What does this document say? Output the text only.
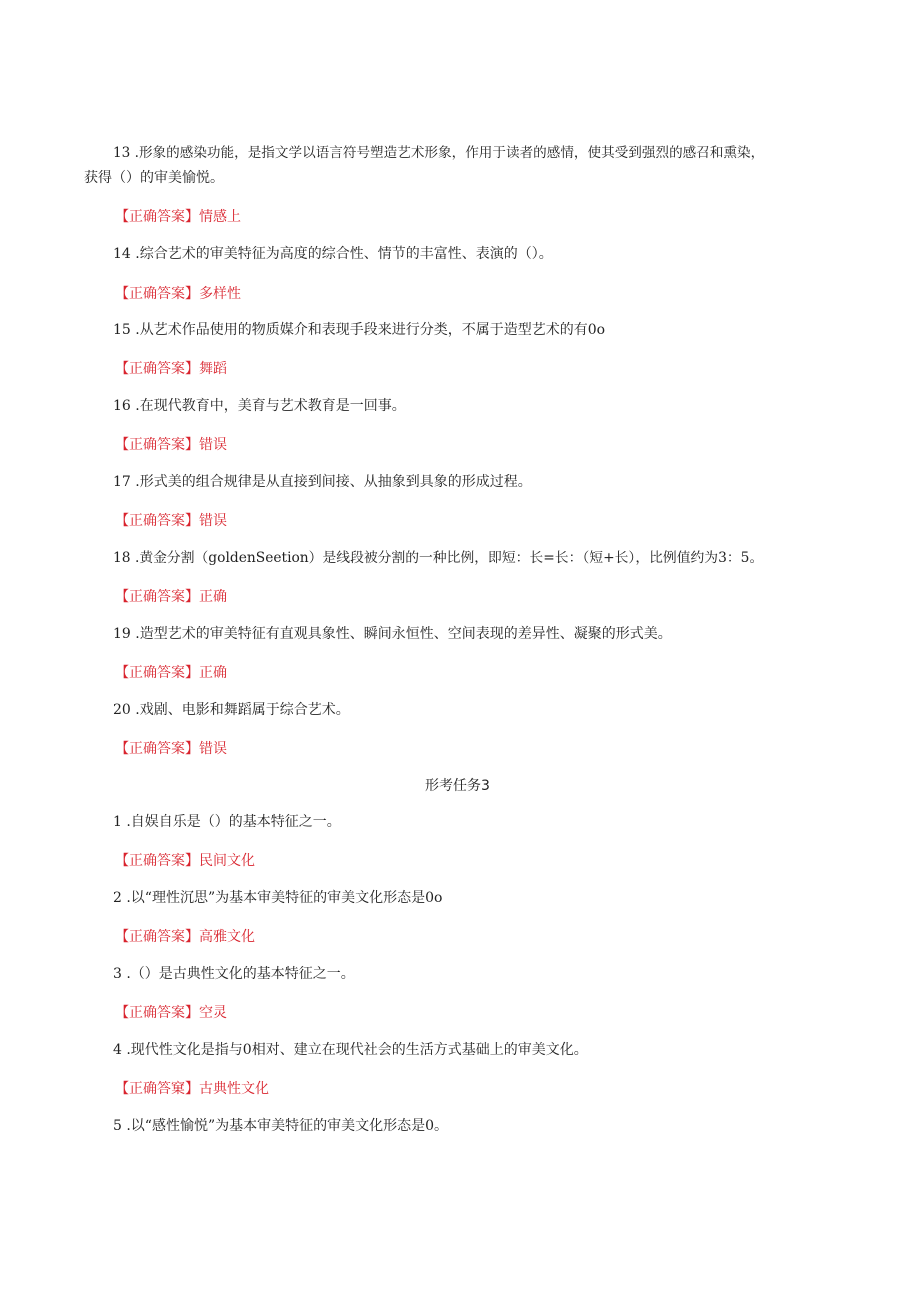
13 .形象的感染功能，是指文学以语言符号塑造艺术形象，作用于读者的感情，使其受到强烈的感召和熏染，
获得（）的审美愉悦。
【正确答案】情感上
14 .综合艺术的审美特征为高度的综合性、情节的丰富性、表演的（）。
【正确答案】多样性
15 .从艺术作品使用的物质媒介和表现手段来进行分类，不属于造型艺术的有0o
【正确答案】舞蹈
16 .在现代教育中，美育与艺术教育是一回事。
【正确答案】错误
17 .形式美的组合规律是从直接到间接、从抽象到具象的形成过程。
【正确答案】错误
18 .黄金分割（goldenSeetion）是线段被分割的一种比例，即短：长=长：（短+长），比例值约为3：5。
【正确答案】正确
19 .造型艺术的审美特征有直观具象性、瞬间永恒性、空间表现的差异性、凝聚的形式美。
【正确答案】正确
20 .戏剧、电影和舞蹈属于综合艺术。
【正确答案】错误
形考任务3
1 .自娱自乐是（）的基本特征之一。
【正确答案】民间文化
2 .以“理性沉思”为基本审美特征的审美文化形态是0o
【正确答案】高雅文化
3 .（）是古典性文化的基本特征之一。
【正确答案】空灵
4 .现代性文化是指与0相对、建立在现代社会的生活方式基础上的审美文化。
【正确答窠】古典性文化
5 .以“感性愉悦”为基本审美特征的审美文化形态是0。
